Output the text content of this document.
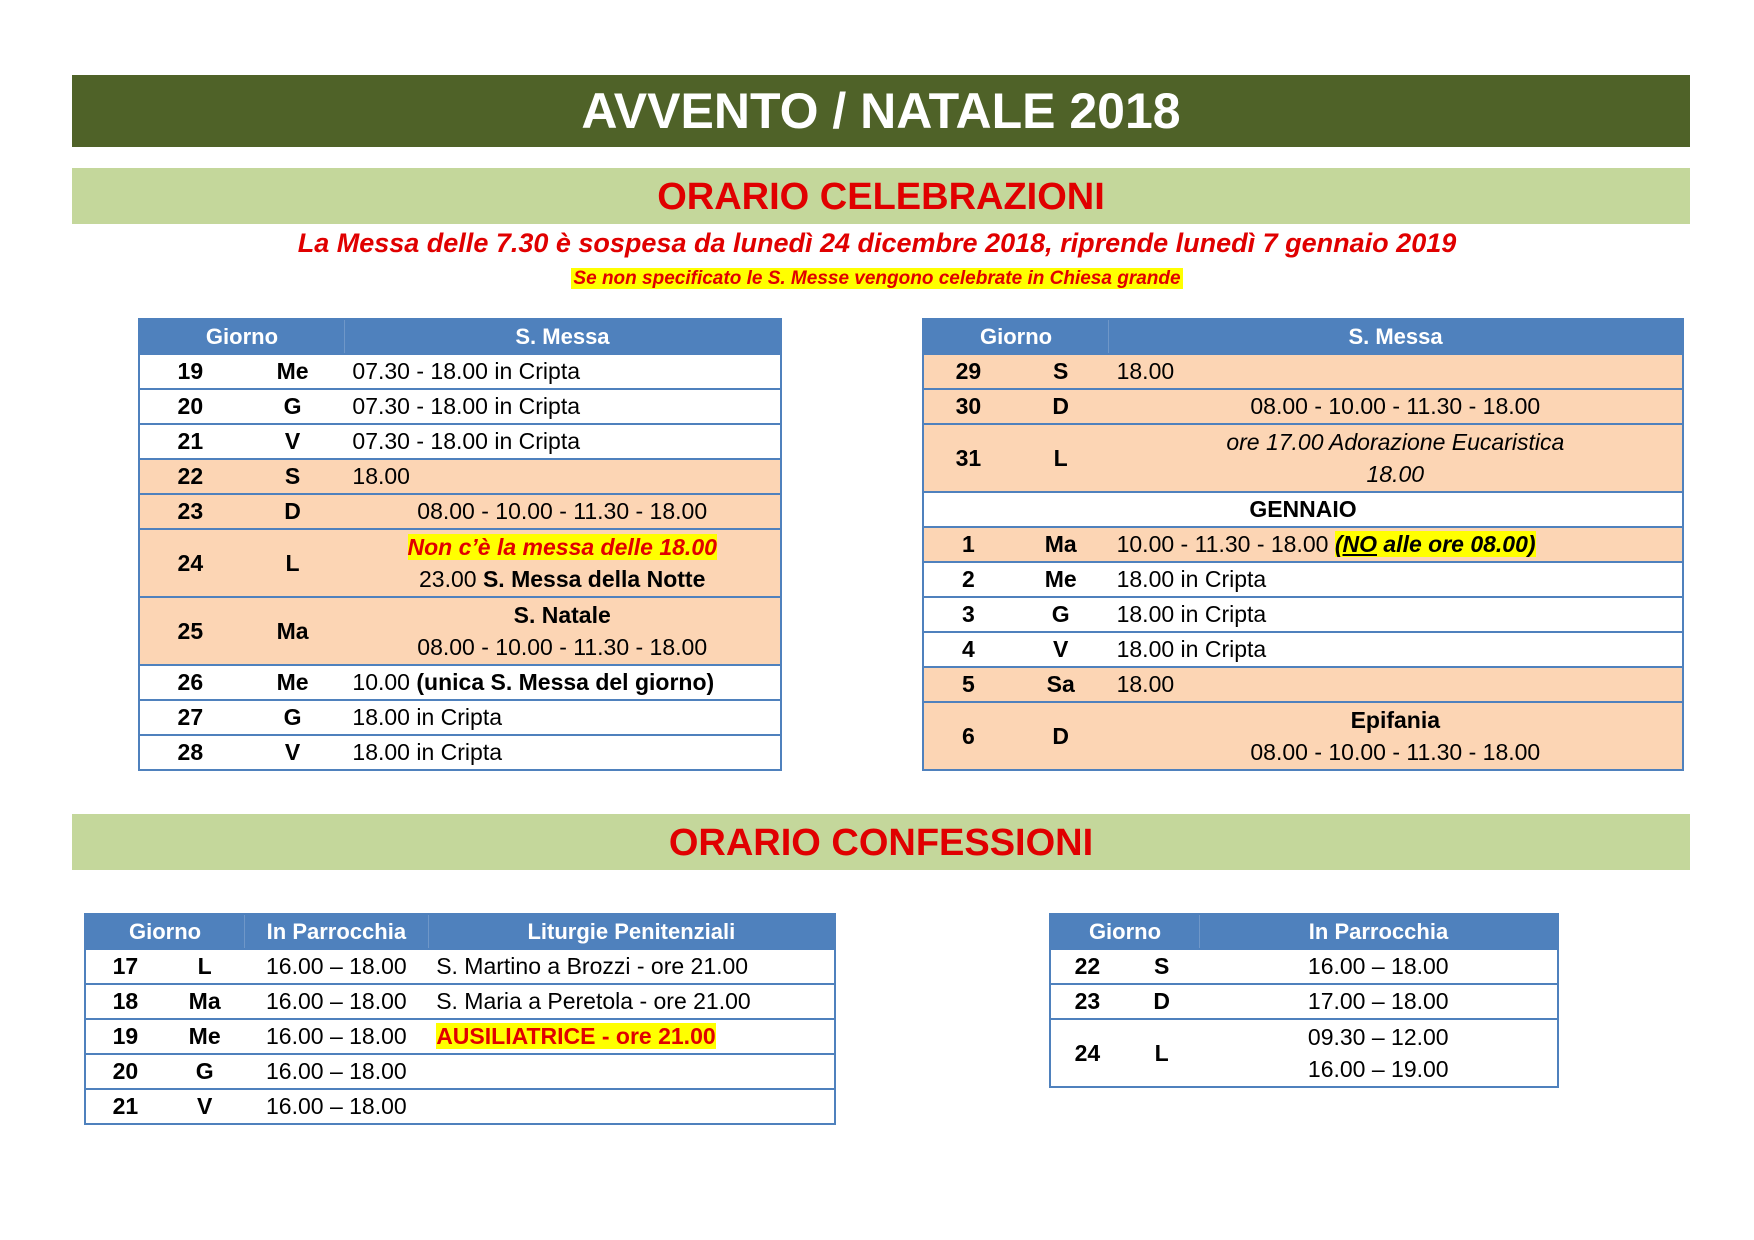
AVVENTO / NATALE 2018
ORARIO CELEBRAZIONI
La Messa delle 7.30 è sospesa da lunedì 24 dicembre 2018, riprende lunedì 7 gennaio 2019
Se non specificato le S. Messe vengono celebrate in Chiesa grande
Giorno		S. Messa
19	Me	07.30 - 18.00 in Cripta
20	G	07.30 - 18.00 in Cripta
21	V	07.30 - 18.00 in Cripta
22	S	18.00
23	D	08.00 - 10.00 - 11.30 - 18.00
24	L	Non c’è la messa delle 18.00
23.00 S. Messa della Notte

25	Ma	S. Natale
08.00 - 10.00 - 11.30 - 18.00

26	Me	10.00 (unica S. Messa del giorno)
27	G	18.00 in Cripta
28	V	18.00 in Cripta
Giorno		S. Messa
29	S	18.00
30	D	08.00 - 10.00 - 11.30 - 18.00
31	L	ore 17.00 Adorazione Eucaristica
18.00

GENNAIO		
1	Ma	10.00 - 11.30 - 18.00 (NO alle ore 08.00)
2	Me	18.00 in Cripta
3	G	18.00 in Cripta
4	V	18.00 in Cripta
5	Sa	18.00
6	D	Epifania
08.00 - 10.00 - 11.30 - 18.00
ORARIO CONFESSIONI
Giorno		In Parrocchia	Liturgie Penitenziali
17	L	16.00 – 18.00	S. Martino a Brozzi - ore 21.00
18	Ma	16.00 – 18.00	S. Maria a Peretola - ore 21.00
19	Me	16.00 – 18.00	AUSILIATRICE - ore 21.00
20	G	16.00 – 18.00	
21	V	16.00 – 18.00	
Giorno		In Parrocchia
22	S	16.00 – 18.00
23	D	17.00 – 18.00
24	L	09.30 – 12.00
16.00 – 19.00
